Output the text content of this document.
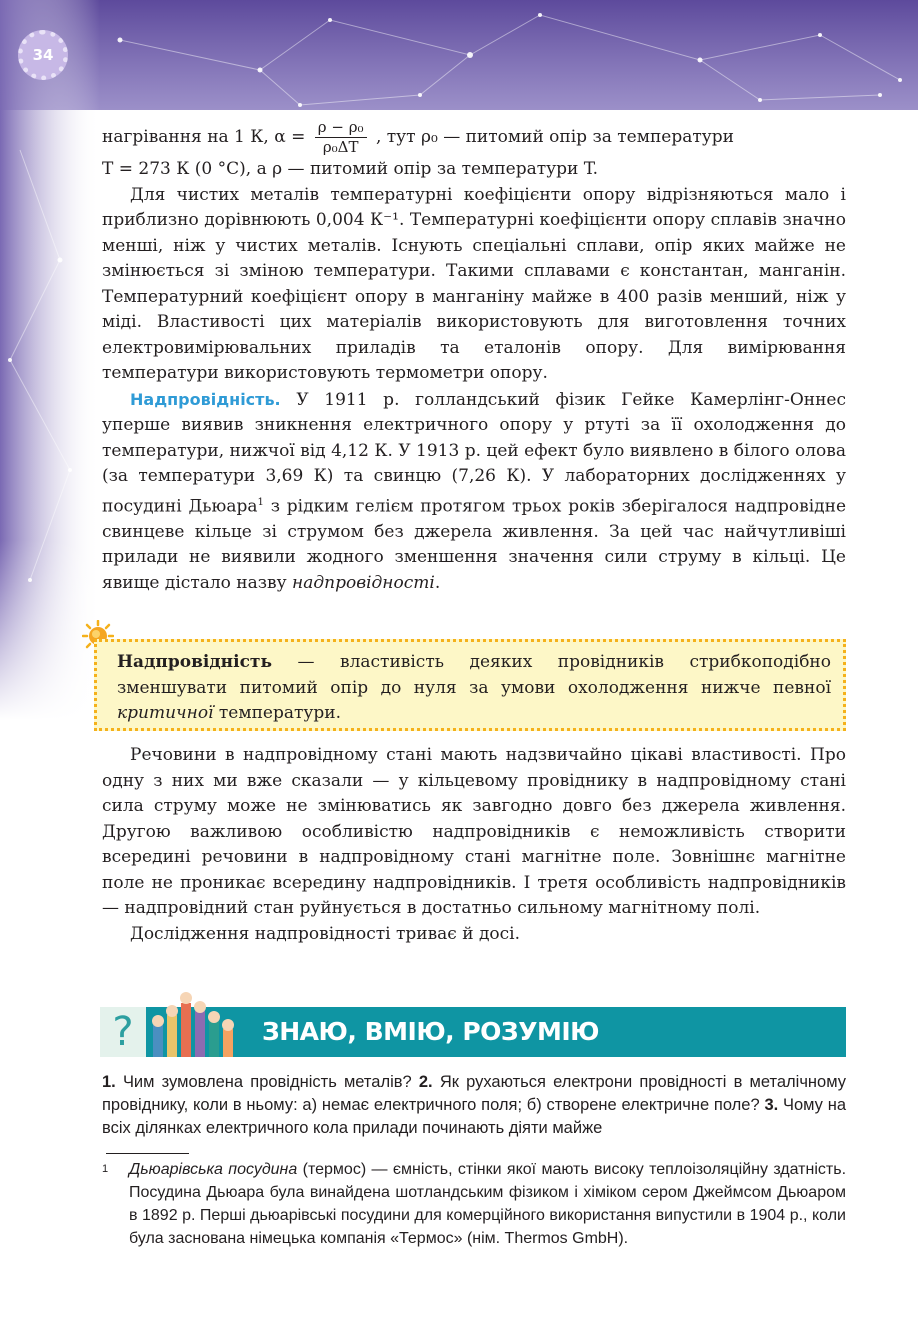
34

нагрівання на 1 К, $\alpha = \frac{\text{ρ − ρ₀}}{\text{ρ₀ΔT}}$ , тут ρ₀ — питомий опір за температури

T = 273 К (0 °С), а ρ — питомий опір за температури T.

Для чистих металів температурні коефіцієнти опору відрізняються мало і приблизно дорівнюють 0,004 К⁻¹. Температурні коефіцієнти опору сплавів значно менші, ніж у чистих металів. Існують спеціальні сплави, опір яких майже не змінюється зі зміною температури. Такими сплавами є константан, манганін. Температурний коефіцієнт опору в манганіну майже в 400 разів менший, ніж у міді. Властивості цих матеріалів використовують для виготовлення точних електровимірювальних приладів та еталонів опору. Для вимірювання температури використовують термометри опору.

Надпровідність. У 1911 р. голландський фізик Гейке Камерлінг-Оннес уперше виявив зникнення електричного опору у ртуті за її охолодження до температури, нижчої від 4,12 К. У 1913 р. цей ефект було виявлено в білого олова (за температури 3,69 К) та свинцю (7,26 К). У лабораторних дослідженнях у посудині Дьюара$^1$ з рідким гелієм протягом трьох років зберігалося надпровідне свинцеве кільце зі струмом без джерела живлення. За цей час найчутливіші прилади не виявили жодного зменшення значення сили струму в кільці. Це явище дістало назву надпровідності.

Надпровідність — властивість деяких провідників стрибкоподібно зменшувати питомий опір до нуля за умови охолодження нижче певної критичної температури.

Речовини в надпровідному стані мають надзвичайно цікаві властивості. Про одну з них ми вже сказали — у кільцевому провіднику в надпровідному стані сила струму може не змінюватись як завгодно довго без джерела живлення. Другою важливою особливістю надпровідників є неможливість створити всередині речовини в надпровідному стані магнітне поле. Зовнішнє магнітне поле не проникає всередину надпровідників. І третя особливість надпровідників — надпровідний стан руйнується в достатньо сильному магнітному полі.

Дослідження надпровідності триває й досі.

?	ЗНАЮ, ВМІЮ, РОЗУМІЮ
1. Чим зумовлена провідність металів? 2. Як рухаються електрони провідності в металічному провіднику, коли в ньому: а) немає електричного поля; б) створене електричне поле? 3. Чому на всіх ділянках електричного кола прилади починають діяти майже
1 Дьюарівська посудина (термос) — ємність, стінки якої мають високу теплоізоляційну здатність. Посудина Дьюара була винайдена шотландським фізиком і хіміком сером Джеймсом Дьюаром в 1892 р. Перші дьюарівські посудини для комерційного використання випустили в 1904 р., коли була заснована німецька компанія «Термос» (нім. Thermos GmbH).
